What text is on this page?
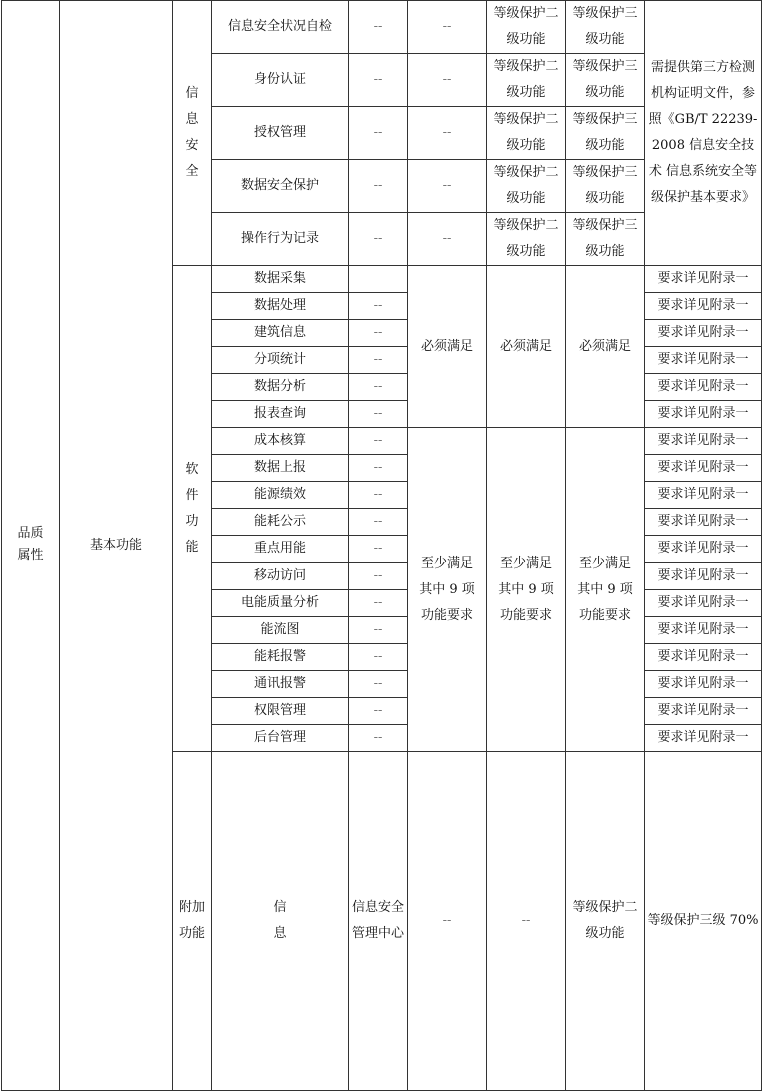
品质属性	基本功能	信息安全	信息安全状况自检	--	--	等级保护二级功能	等级保护三级功能	需提供第三方检测机构证明文件，参照《GB/T 22239-2008 信息安全技术 信息系统安全等级保护基本要求》	
			身份认证	--	--	等级保护二级功能	等级保护三级功能		
			授权管理	--	--	等级保护二级功能	等级保护三级功能		
			数据安全保护	--	--	等级保护二级功能	等级保护三级功能		
			操作行为记录	--	--	等级保护二级功能	等级保护三级功能		
		软件功能	数据采集		必须满足	必须满足	必须满足	要求详见附录一	
			数据处理	--				要求详见附录一	
			建筑信息	--				要求详见附录一	
			分项统计	--				要求详见附录一	
			数据分析	--				要求详见附录一	
			报表查询	--				要求详见附录一	
			成本核算	--	至少满足其中 9 项功能要求	至少满足其中 9 项功能要求	至少满足其中 9 项功能要求	要求详见附录一	
			数据上报	--				要求详见附录一	
			能源绩效	--				要求详见附录一	
			能耗公示	--				要求详见附录一	
			重点用能	--				要求详见附录一	
			移动访问	--				要求详见附录一	
			电能质量分析	--				要求详见附录一	
			能流图	--				要求详见附录一	
			能耗报警	--				要求详见附录一	
			通讯报警	--				要求详见附录一	
			权限管理	--				要求详见附录一	
			后台管理	--				要求详见附录一	
		附加功能	信息	信息安全管理中心	--	--	等级保护二级功能	等级保护三级 70%	
